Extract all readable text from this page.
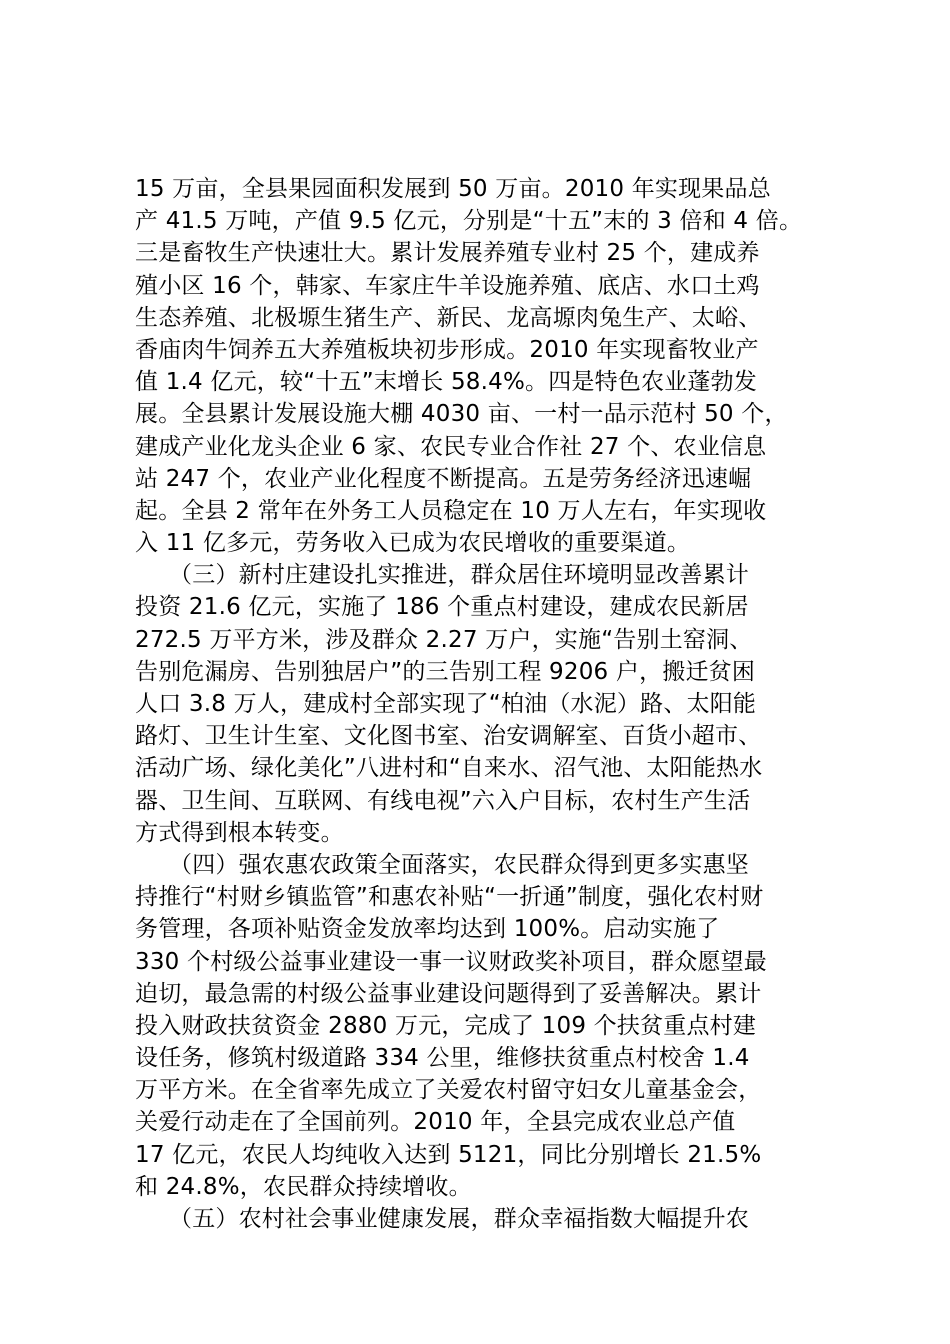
15 万亩，全县果园面积发展到 50 万亩。2010 年实现果品总
产 41.5 万吨，产值 9.5 亿元，分别是“十五”末的 3 倍和 4 倍。
三是畜牧生产快速壮大。累计发展养殖专业村 25 个，建成养
殖小区 16 个，韩家、车家庄牛羊设施养殖、底店、水口土鸡
生态养殖、北极塬生猪生产、新民、龙高塬肉兔生产、太峪、
香庙肉牛饲养五大养殖板块初步形成。2010 年实现畜牧业产
值 1.4 亿元，较“十五”末增长 58.4%。四是特色农业蓬勃发
展。全县累计发展设施大棚 4030 亩、一村一品示范村 50 个，
建成产业化龙头企业 6 家、农民专业合作社 27 个、农业信息
站 247 个，农业产业化程度不断提高。五是劳务经济迅速崛
起。全县 2 常年在外务工人员稳定在 10 万人左右，年实现收
入 11 亿多元，劳务收入已成为农民增收的重要渠道。
（三）新村庄建设扎实推进，群众居住环境明显改善累计
投资 21.6 亿元，实施了 186 个重点村建设，建成农民新居
272.5 万平方米，涉及群众 2.27 万户，实施“告别土窑洞、
告别危漏房、告别独居户”的三告别工程 9206 户，搬迁贫困
人口 3.8 万人，建成村全部实现了“柏油（水泥）路、太阳能
路灯、卫生计生室、文化图书室、治安调解室、百货小超市、
活动广场、绿化美化”八进村和“自来水、沼气池、太阳能热水
器、卫生间、互联网、有线电视”六入户目标，农村生产生活
方式得到根本转变。
（四）强农惠农政策全面落实，农民群众得到更多实惠坚
持推行“村财乡镇监管”和惠农补贴“一折通”制度，强化农村财
务管理，各项补贴资金发放率均达到 100%。启动实施了
330 个村级公益事业建设一事一议财政奖补项目，群众愿望最
迫切，最急需的村级公益事业建设问题得到了妥善解决。累计
投入财政扶贫资金 2880 万元，完成了 109 个扶贫重点村建
设任务，修筑村级道路 334 公里，维修扶贫重点村校舍 1.4
万平方米。在全省率先成立了关爱农村留守妇女儿童基金会，
关爱行动走在了全国前列。2010 年，全县完成农业总产值
17 亿元，农民人均纯收入达到 5121，同比分别增长 21.5%
和 24.8%，农民群众持续增收。
（五）农村社会事业健康发展，群众幸福指数大幅提升农
